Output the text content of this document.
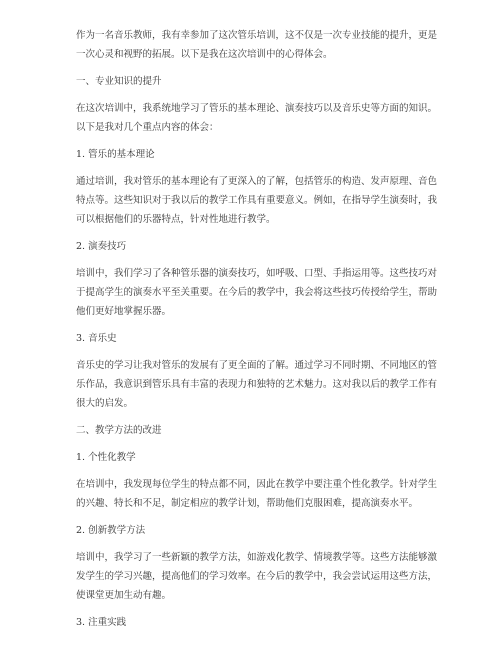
作为一名音乐教师，我有幸参加了这次管乐培训，这不仅是一次专业技能的提升，更是一次心灵和视野的拓展。以下是我在这次培训中的心得体会。

一、专业知识的提升

在这次培训中，我系统地学习了管乐的基本理论、演奏技巧以及音乐史等方面的知识。以下是我对几个重点内容的体会：

1. 管乐的基本理论

通过培训，我对管乐的基本理论有了更深入的了解，包括管乐的构造、发声原理、音色特点等。这些知识对于我以后的教学工作具有重要意义。例如，在指导学生演奏时，我可以根据他们的乐器特点，针对性地进行教学。

2. 演奏技巧

培训中，我们学习了各种管乐器的演奏技巧，如呼吸、口型、手指运用等。这些技巧对于提高学生的演奏水平至关重要。在今后的教学中，我会将这些技巧传授给学生，帮助他们更好地掌握乐器。

3. 音乐史

音乐史的学习让我对管乐的发展有了更全面的了解。通过学习不同时期、不同地区的管乐作品，我意识到管乐具有丰富的表现力和独特的艺术魅力。这对我以后的教学工作有很大的启发。

二、教学方法的改进

1. 个性化教学

在培训中，我发现每位学生的特点都不同，因此在教学中要注重个性化教学。针对学生的兴趣、特长和不足，制定相应的教学计划，帮助他们克服困难，提高演奏水平。

2. 创新教学方法

培训中，我学习了一些新颖的教学方法，如游戏化教学、情境教学等。这些方法能够激发学生的学习兴趣，提高他们的学习效率。在今后的教学中，我会尝试运用这些方法，使课堂更加生动有趣。

3. 注重实践
